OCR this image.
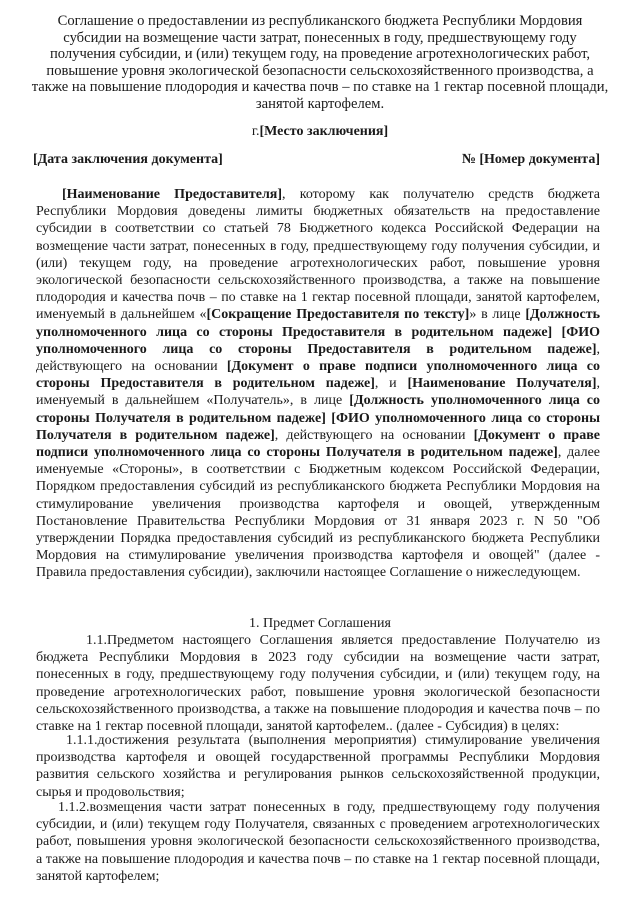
Соглашение о предоставлении из республиканского бюджета Республики Мордовия субсидии на возмещение части затрат, понесенных в году, предшествующему году получения субсидии, и (или) текущем году, на проведение агротехнологических работ, повышение уровня экологической безопасности сельскохозяйственного производства, а также на повышение плодородия и качества почв – по ставке на 1 гектар посевной площади, занятой картофелем.
г.[Место заключения]
[Дата заключения документа]	№ [Номер документа]
[Наименование Предоставителя], которому как получателю средств бюджета Республики Мордовия доведены лимиты бюджетных обязательств на предоставление субсидии в соответствии со статьей 78 Бюджетного кодекса Российской Федерации на возмещение части затрат, понесенных в году, предшествующему году получения субсидии, и (или) текущем году, на проведение агротехнологических работ, повышение уровня экологической безопасности сельскохозяйственного производства, а также на повышение плодородия и качества почв – по ставке на 1 гектар посевной площади, занятой картофелем, именуемый в дальнейшем «[Сокращение Предоставителя по тексту]» в лице [Должность уполномоченного лица со стороны Предоставителя в родительном падеже] [ФИО уполномоченного лица со стороны Предоставителя в родительном падеже], действующего на основании [Документ о праве подписи уполномоченного лица со стороны Предоставителя в родительном падеже], и [Наименование Получателя], именуемый в дальнейшем «Получатель», в лице [Должность уполномоченного лица со стороны Получателя в родительном падеже] [ФИО уполномоченного лица со стороны Получателя в родительном падеже], действующего на основании [Документ о праве подписи уполномоченного лица со стороны Получателя в родительном падеже], далее именуемые «Стороны», в соответствии с Бюджетным кодексом Российской Федерации, Порядком предоставления субсидий из республиканского бюджета Республики Мордовия на стимулирование увеличения производства картофеля и овощей, утвержденным Постановление Правительства Республики Мордовия от 31 января 2023 г. N 50 "Об утверждении Порядка предоставления субсидий из республиканского бюджета Республики Мордовия на стимулирование увеличения производства картофеля и овощей" (далее - Правила предоставления субсидии), заключили настоящее Соглашение о нижеследующем.
1. Предмет Соглашения
1.1.Предметом настоящего Соглашения является предоставление Получателю из бюджета Республики Мордовия в 2023 году субсидии на возмещение части затрат, понесенных в году, предшествующему году получения субсидии, и (или) текущем году, на проведение агротехнологических работ, повышение уровня экологической безопасности сельскохозяйственного производства, а также на повышение плодородия и качества почв – по ставке на 1 гектар посевной площади, занятой картофелем.. (далее - Субсидия) в целях:
1.1.1.достижения результата (выполнения мероприятия) стимулирование увеличения производства картофеля и овощей государственной программы Республики Мордовия развития сельского хозяйства и регулирования рынков сельскохозяйственной продукции, сырья и продовольствия;
1.1.2.возмещения части затрат понесенных в году, предшествующему году получения субсидии, и (или) текущем году Получателя, связанных с проведением агротехнологических работ, повышения уровня экологической безопасности сельскохозяйственного производства, а также на повышение плодородия и качества почв – по ставке на 1 гектар посевной площади, занятой картофелем;
